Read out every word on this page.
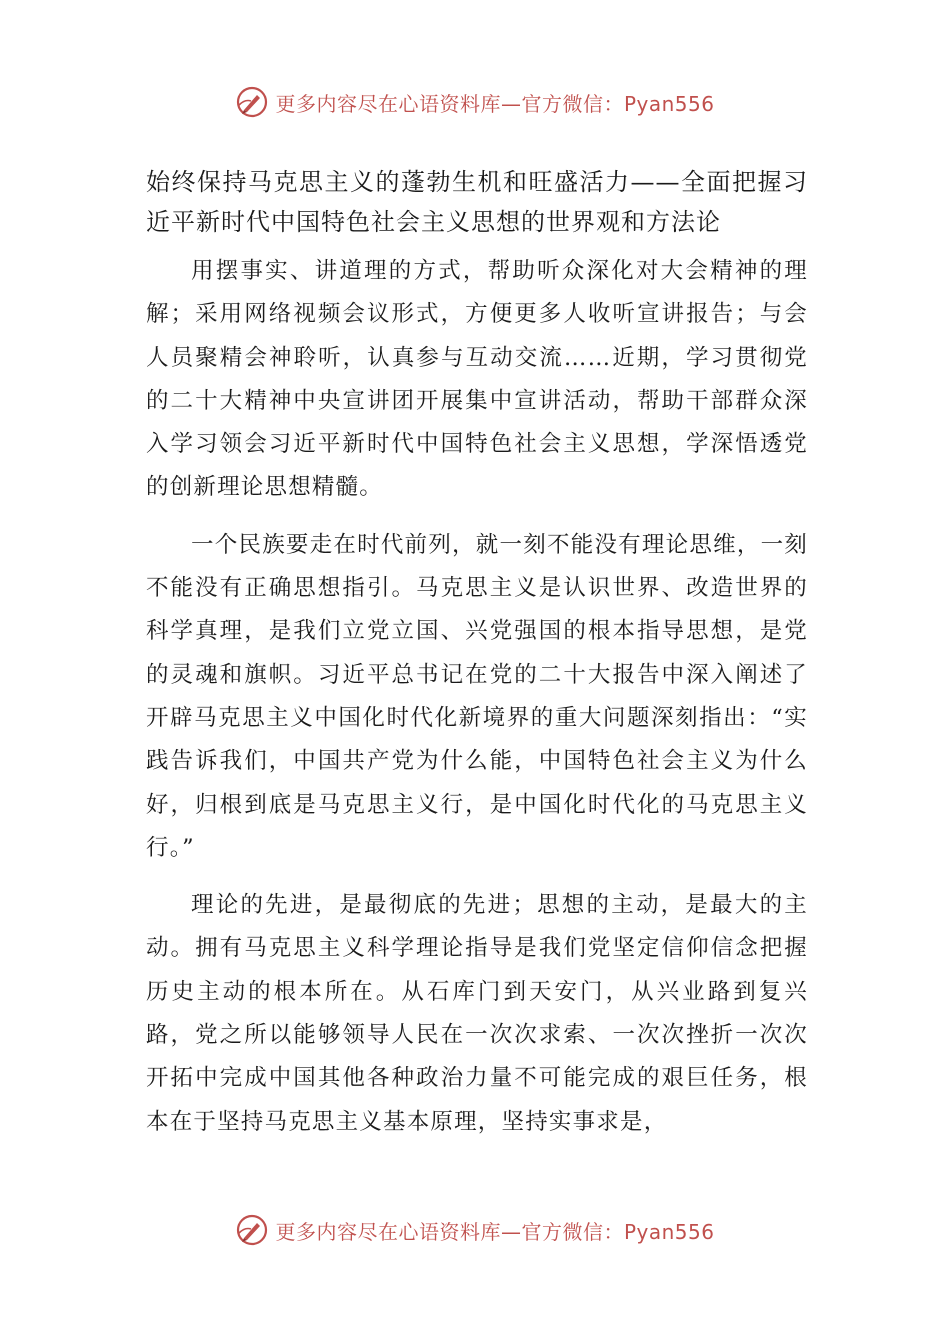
更多内容尽在心语资料库—官方微信：Pyan556
始终保持马克思主义的蓬勃生机和旺盛活力——全面把握习近平新时代中国特色社会主义思想的世界观和方法论

用摆事实、讲道理的方式，帮助听众深化对大会精神的理解；采用网络视频会议形式，方便更多人收听宣讲报告；与会人员聚精会神聆听，认真参与互动交流……近期，学习贯彻党的二十大精神中央宣讲团开展集中宣讲活动，帮助干部群众深入学习领会习近平新时代中国特色社会主义思想，学深悟透党的创新理论思想精髓。

一个民族要走在时代前列，就一刻不能没有理论思维，一刻不能没有正确思想指引。马克思主义是认识世界、改造世界的科学真理，是我们立党立国、兴党强国的根本指导思想，是党的灵魂和旗帜。习近平总书记在党的二十大报告中深入阐述了开辟马克思主义中国化时代化新境界的重大问题深刻指出：“实践告诉我们，中国共产党为什么能，中国特色社会主义为什么好，归根到底是马克思主义行，是中国化时代化的马克思主义行。”

理论的先进，是最彻底的先进；思想的主动，是最大的主动。拥有马克思主义科学理论指导是我们党坚定信仰信念把握历史主动的根本所在。从石库门到天安门，从兴业路到复兴路，党之所以能够领导人民在一次次求索、一次次挫折一次次开拓中完成中国其他各种政治力量不可能完成的艰巨任务，根本在于坚持马克思主义基本原理，坚持实事求是，

更多内容尽在心语资料库—官方微信：Pyan556
